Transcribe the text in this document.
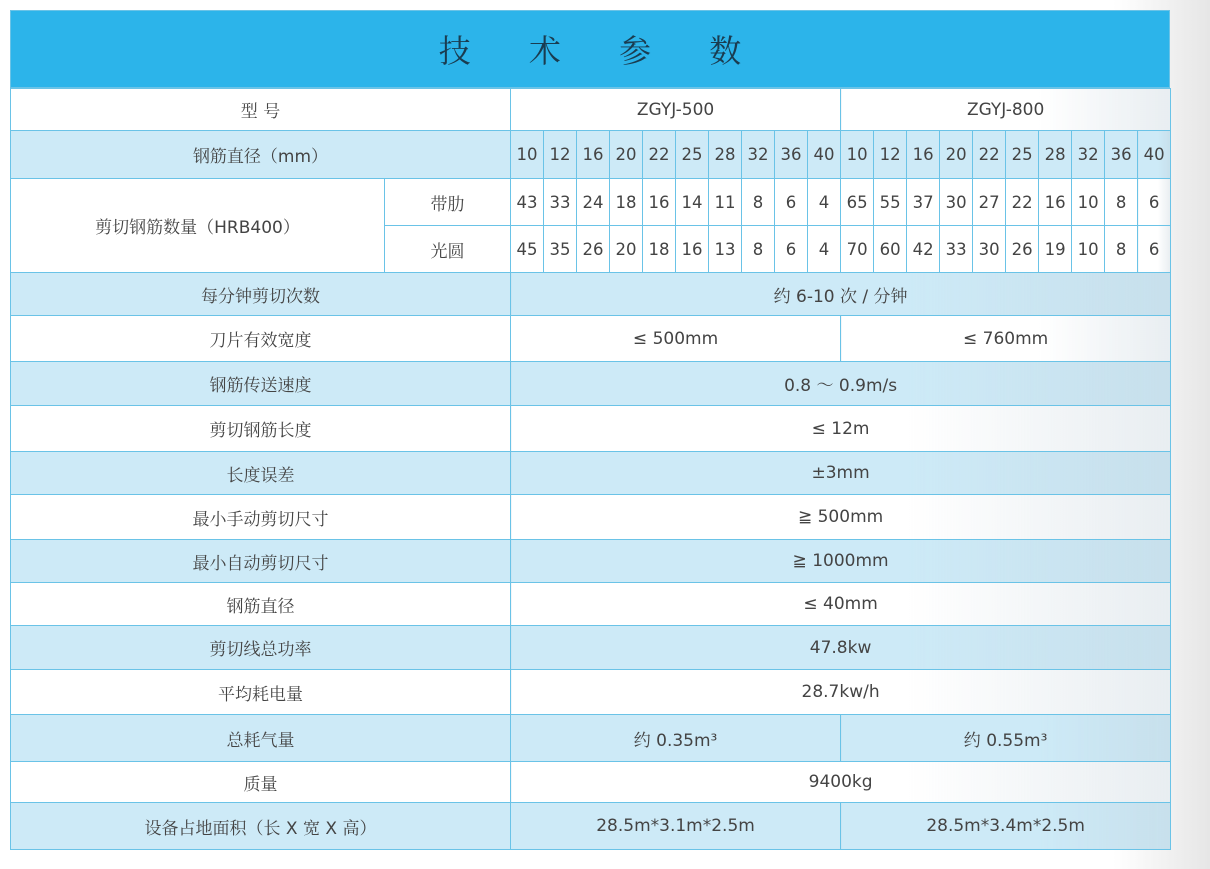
技 术 参 数
型 号		ZGYJ-500										ZGYJ-800									
钢筋直径（mm）		10	12	16	20	22	25	28	32	36	40	10	12	16	20	22	25	28	32	36	40
剪切钢筋数量（HRB400）	带肋	43	33	24	18	16	14	11	8	6	4	65	55	37	30	27	22	16	10	8	6
	光圆	45	35	26	20	18	16	13	8	6	4	70	60	42	33	30	26	19	10	8	6
每分钟剪切次数		约 6-10 次 / 分钟																			
刀片有效宽度		≤ 500mm										≤ 760mm									
钢筋传送速度		0.8 ～ 0.9m/s																			
剪切钢筋长度		≤ 12m																			
长度误差		±3mm																			
最小手动剪切尺寸		≧ 500mm																			
最小自动剪切尺寸		≧ 1000mm																			
钢筋直径		≤ 40mm																			
剪切线总功率		47.8kw																			
平均耗电量		28.7kw/h																			
总耗气量		约 0.35m³										约 0.55m³									
质量		9400kg																			
设备占地面积（长 X 宽 X 高）		28.5m*3.1m*2.5m										28.5m*3.4m*2.5m									
